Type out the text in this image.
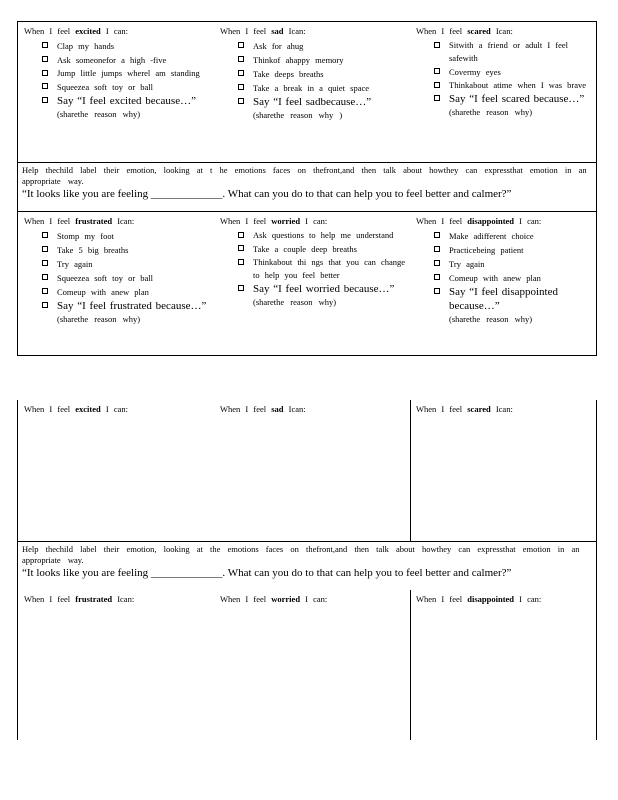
When I feel excited I can:
Clap my hands
Ask someonefor a high -five
Jump little jumps wherel am standing
Squeezea soft toy or ball
Say “I feel excited because…”
(sharethe reason why)
When I feel sad Ican:
Ask for ahug
Thinkof ahappy memory
Take deeps breaths
Take a break in a quiet space
Say “I feel sadbecause…”
(sharethe reason why )
When I feel scared Ican:
Sitwith a friend or adult I feel safewith
Covermy eyes
Thinkabout atime when I was brave
Say “I feel scared because…”
(sharethe reason why)
Help thechild label their emotion, looking at t he emotions faces on thefront,and then talk about howthey can expressthat emotion in an appropriate way.
“It looks like you are feeling _____________. What can you do to that can help you to feel better and calmer?”
When I feel frustrated Ican:
Stomp my foot
Take 5 big breaths
Try again
Squeezea soft toy or ball
Comeup with anew plan
Say “I feel frustrated because…”
(sharethe reason why)
When I feel worried I can:
Ask questions to help me understand
Take a couple deep breaths
Thinkabout thi ngs that you can change to help you feel better
Say “I feel worried because…”
(sharethe reason why)
When I feel disappointed I can:
Make adifferent choice
Practicebeing patient
Try again
Comeup with anew plan
Say “I feel disappointed because…”
(sharethe reason why)
When I feel excited I can:	When I feel sad Ican:	When I feel scared Ican:
Help thechild label their emotion, looking at the emotions faces on thefront,and then talk about howthey can expressthat emotion in an appropriate way.
“It looks like you are feeling _____________. What can you do to that can help you to feel better and calmer?”
When I feel frustrated Ican:	When I feel worried I can:	When I feel disappointed I can:
